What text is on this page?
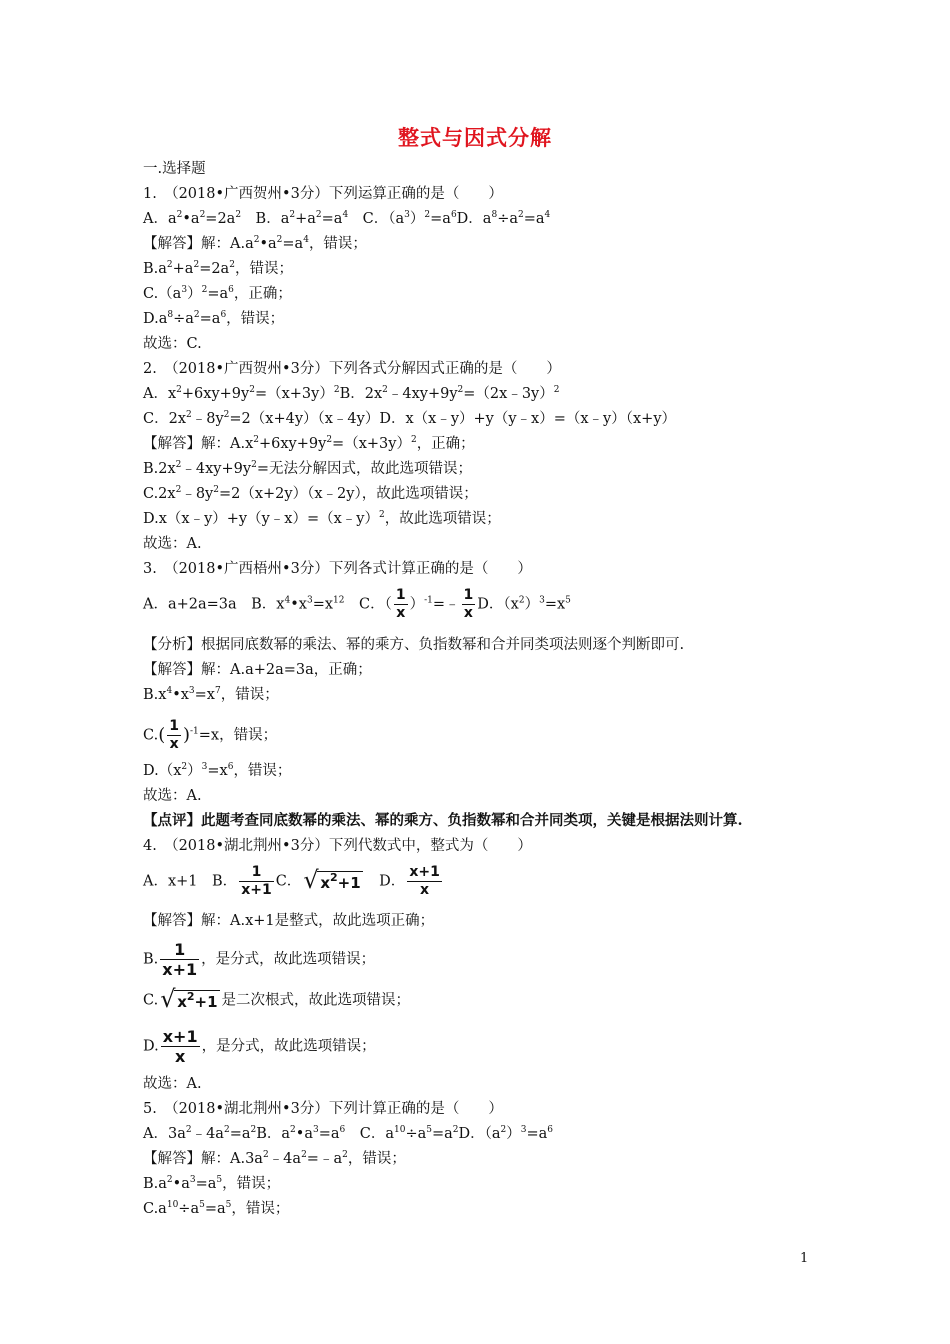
整式与因式分解
一.选择题
1.　（2018•广西贺州•3分）下列运算正确的是（　　）
A．$a^2•a^2=2a^2$　B．$a^2+a^2=a^4$　C．$(a^3)^2=a^6D$．$a^8\div a^2=a^4$
【解答】解：$A.a^2•a^2=a^4$，错误；
$B.a^2+a^2=2a^2$，错误；
$C.(a^3)^2=a^6$，正确；
$D.a^8\div a^2=a^6$，错误；
故选：C.
2.　（2018•广西贺州•3分）下列各式分解因式正确的是（　　）
A．$x^2+6xy+9y^2=(x+3y)^2B$．$2x^2﹣4xy+9y^2=(2x﹣3y)^2$
C．$2x^2﹣8y^2=2(x+4y)(x﹣4y)D$．x（x﹣y）+y（y﹣x）=（x﹣y）（x+y）
【解答】解：$A.x^2+6xy+9y^2=(x+3y)^2$，正确；
$B.2x^2﹣4xy+9y^2=$无法分解因式，故此选项错误；
$C.2x^2﹣8y^2=2(x+2y)(x﹣2y)$，故此选项错误；
D.x（x﹣y）+y（y﹣x）=（x﹣y）$^2$，故此选项错误；
故选：A.
3.　（2018•广西梧州•3分）下列各式计算正确的是（　　）
A．a+2a=3a　B．$x^4•x^3=x^{12}$　C．（ $\frac{1}{x}$ ）$^{-1}$=﹣ $\frac{1}{x}$ D．$(x^2)^3=x^5$
【分析】根据同底数幂的乘法、幂的乘方、负指数幂和合并同类项法则逐个判断即可.
【解答】解：A.a+2a=3a，正确；
$B.x^4•x^3=x^7$，错误；
$C.( \frac{1}{x} )^{-1}=x$，错误；
$D.(x^2)^3=x^6$，错误；
故选：A.
【点评】此题考查同底数幂的乘法、幂的乘方、负指数幂和合并同类项，关键是根据法则计算.
4.　（2018•湖北荆州•3分）下列代数式中，整式为（　　）
A．x+1　B． $\frac{1}{x+1}$ C． √ $x^2+1$　D． $\frac{x+1}{x}$
【解答】解：A.x+1是整式，故此选项正确；
B. $\frac{1}{x+1}$ ，是分式，故此选项错误；
C. √ $x^2+1$ 是二次根式，故此选项错误；
D. $\frac{x+1}{x}$ ，是分式，故此选项错误；
故选：A.
5.　（2018•湖北荆州•3分）下列计算正确的是（　　）
A．$3a^2﹣4a^2=a^2B$．$a^2•a^3=a^6$　C．$a^{10}\div a^5=a^2D$．$(a^2)^3=a^6$
【解答】解：$A.3a^2﹣4a^2=﹣a^2$，错误；
$B.a^2•a^3=a^5$，错误；
$C.a^{10}\div a^5=a^5$，错误；
1
